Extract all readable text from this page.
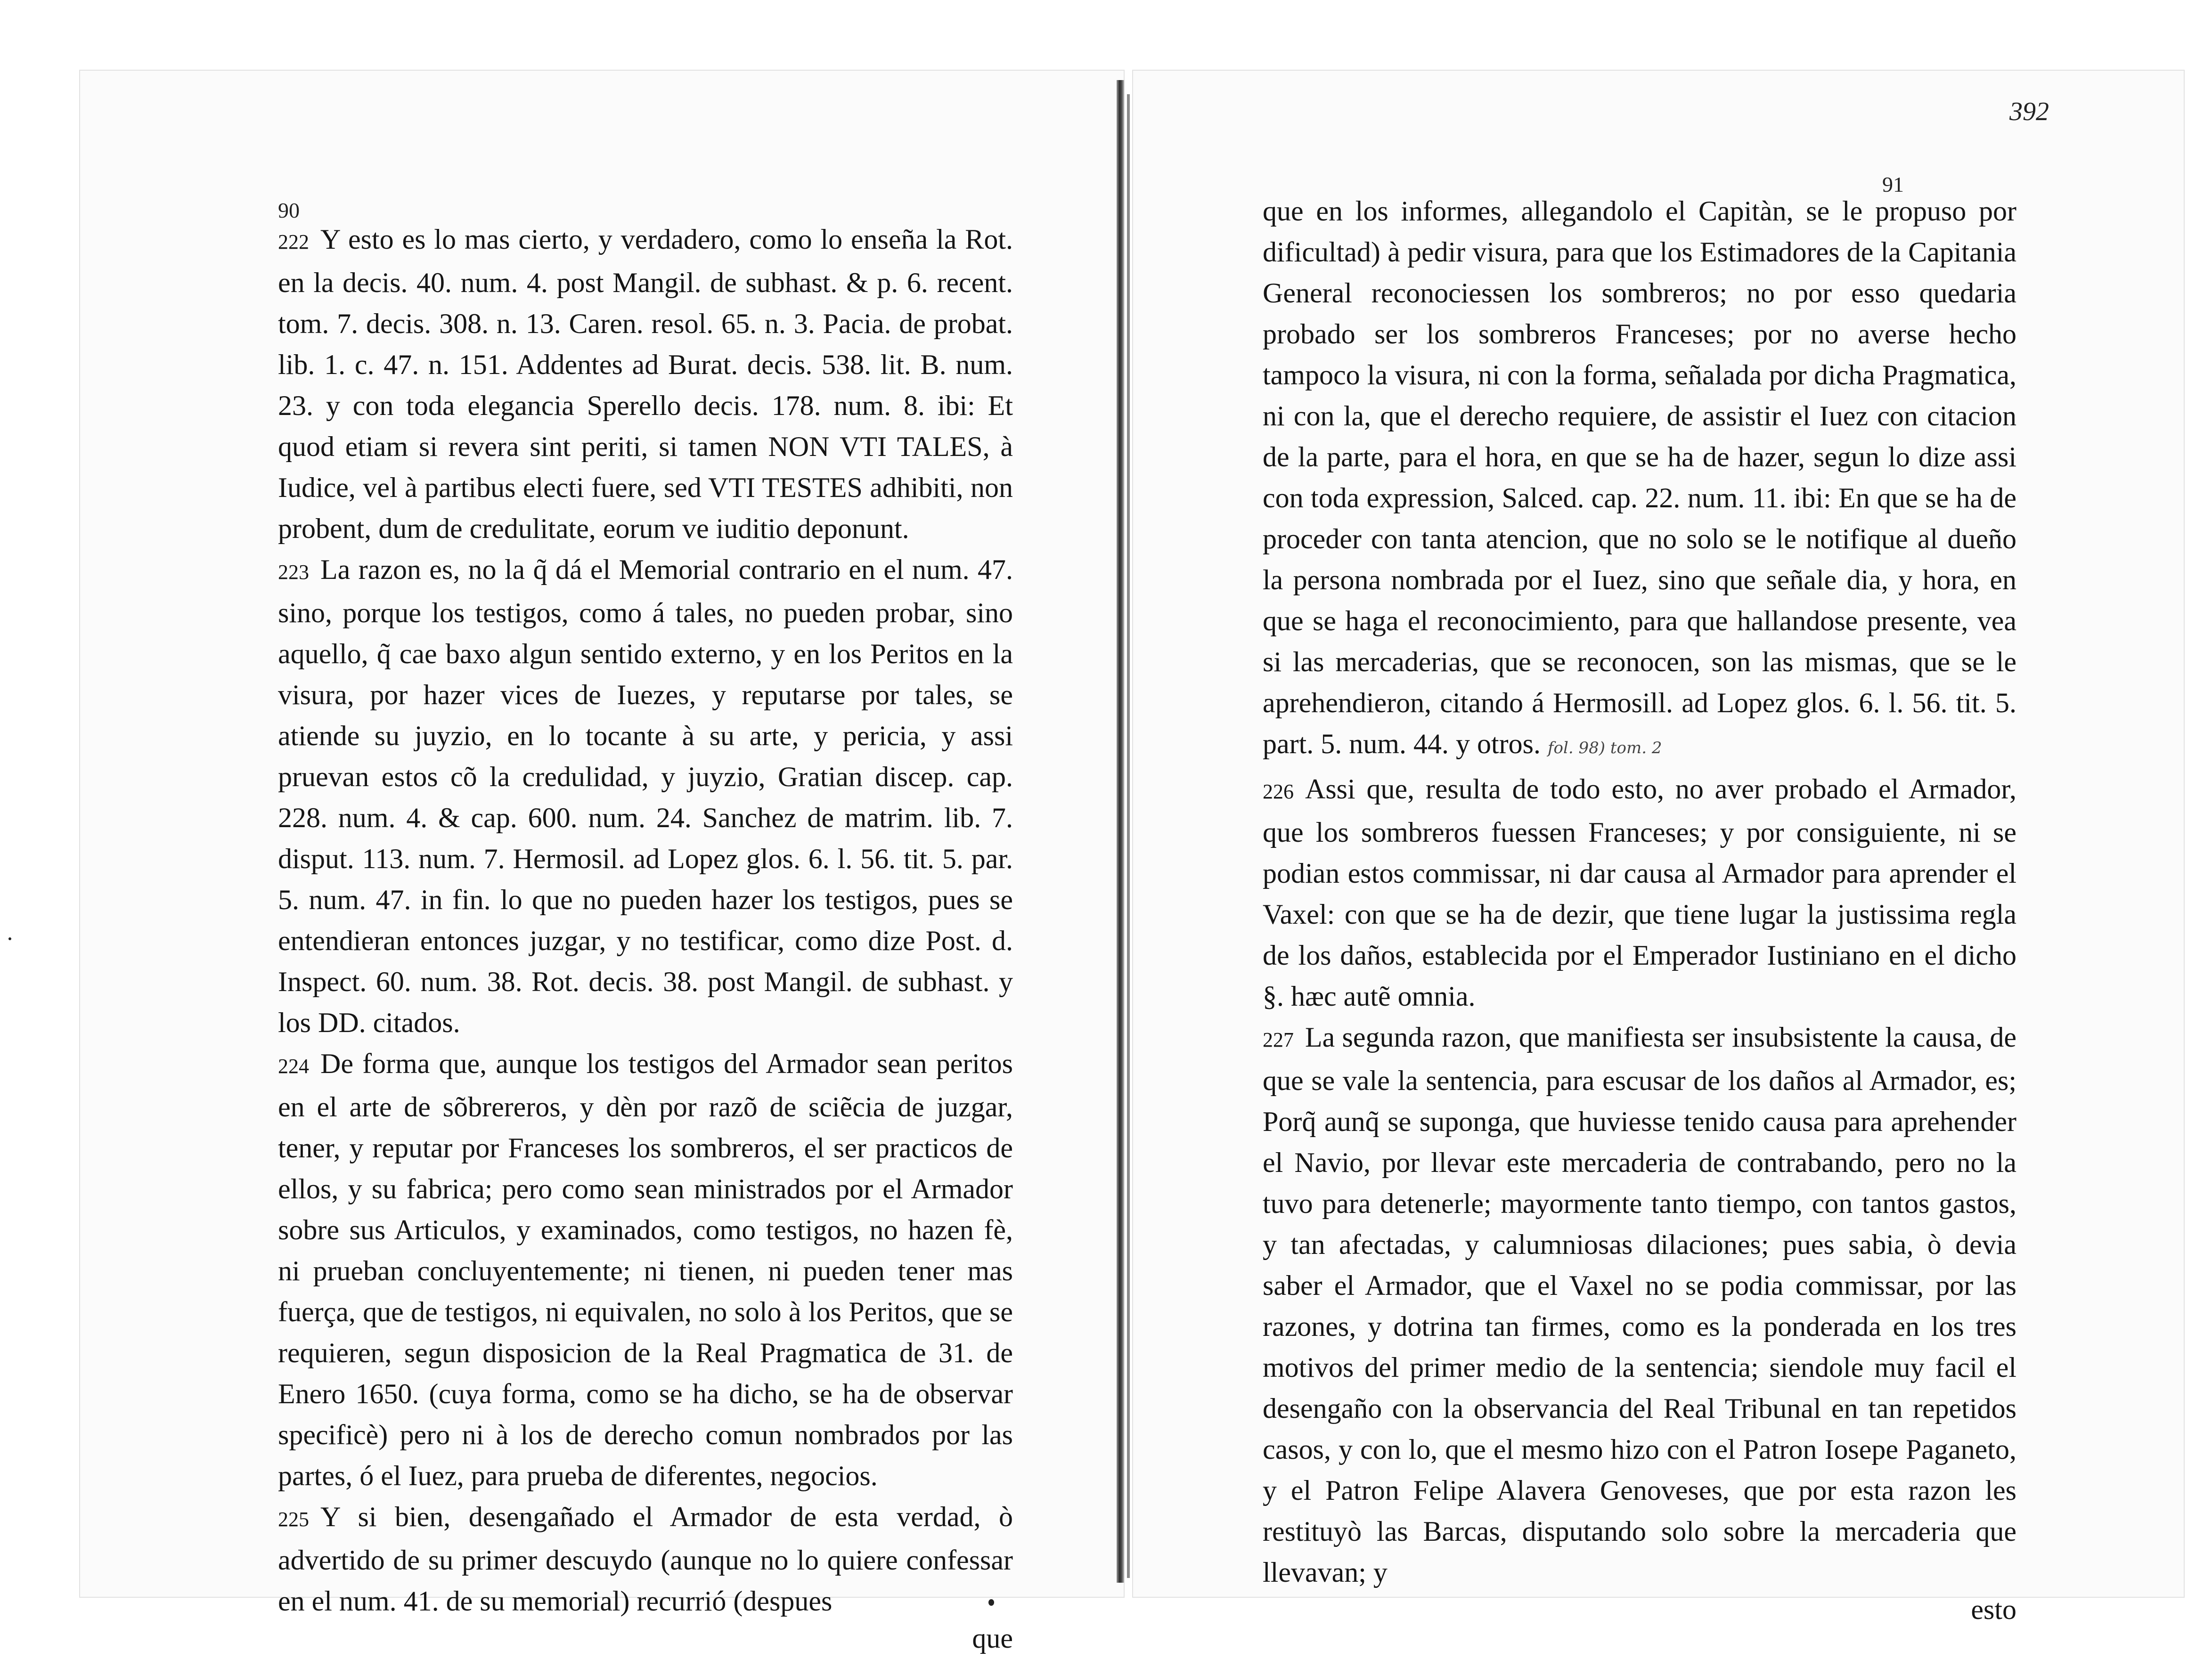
90

222 Y esto es lo mas cierto, y verdadero, como lo enseña la Rot. en la decis. 40. num. 4. post Mangil. de subhast. & p. 6. recent. tom. 7. decis. 308. n. 13. Caren. resol. 65. n. 3. Pacia. de probat. lib. 1. c. 47. n. 151. Addentes ad Burat. decis. 538. lit. B. num. 23. y con toda elegancia Sperello decis. 178. num. 8. ibi: Et quod etiam si revera sint periti, si tamen NON VTI TALES, à Iudice, vel à partibus electi fuere, sed VTI TESTES adhibiti, non probent, dum de credulitate, eorum ve iuditio deponunt.

223 La razon es, no la q̃ dá el Memorial contrario en el num. 47. sino, porque los testigos, como á tales, no pueden probar, sino aquello, q̃ cae baxo algun sentido externo, y en los Peritos en la visura, por hazer vices de Iuezes, y reputarse por tales, se atiende su juyzio, en lo tocante à su arte, y pericia, y assi pruevan estos cõ la credulidad, y juyzio, Gratian discep. cap. 228. num. 4. & cap. 600. num. 24. Sanchez de matrim. lib. 7. disput. 113. num. 7. Hermosil. ad Lopez glos. 6. l. 56. tit. 5. par. 5. num. 47. in fin. lo que no pueden hazer los testigos, pues se entendieran entonces juzgar, y no testificar, como dize Post. d. Inspect. 60. num. 38. Rot. decis. 38. post Mangil. de subhast. y los DD. citados.

224 De forma que, aunque los testigos del Armador sean peritos en el arte de sõbrereros, y dèn por razõ de sciẽcia de juzgar, tener, y reputar por Franceses los sombreros, el ser practicos de ellos, y su fabrica; pero como sean ministrados por el Armador sobre sus Articulos, y examinados, como testigos, no hazen fè, ni prueban concluyentemente; ni tienen, ni pueden tener mas fuerça, que de testigos, ni equivalen, no solo à los Peritos, que se requieren, segun disposicion de la Real Pragmatica de 31. de Enero 1650. (cuya forma, como se ha dicho, se ha de observar specificè) pero ni à los de derecho comun nombrados por las partes, ó el Iuez, para prueba de diferentes, negocios.

225 Y si bien, desengañado el Armador de esta verdad, ò advertido de su primer descuydo (aunque no lo quiere confessar en el num. 41. de su memorial) recurrió (despues

que

392
91

que en los informes, allegandolo el Capitàn, se le propuso por dificultad) à pedir visura, para que los Estimadores de la Capitania General reconociessen los sombreros; no por esso quedaria probado ser los sombreros Franceses; por no averse hecho tampoco la visura, ni con la forma, señalada por dicha Pragmatica, ni con la, que el derecho requiere, de assistir el Iuez con citacion de la parte, para el hora, en que se ha de hazer, segun lo dize assi con toda expression, Salced. cap. 22. num. 11. ibi: En que se ha de proceder con tanta atencion, que no solo se le notifique al dueño la persona nombrada por el Iuez, sino que señale dia, y hora, en que se haga el reconocimiento, para que hallandose presente, vea si las mercaderias, que se reconocen, son las mismas, que se le aprehendieron, citando á Hermosill. ad Lopez glos. 6. l. 56. tit. 5. part. 5. num. 44. y otros. fol. 98) tom. 2

226 Assi que, resulta de todo esto, no aver probado el Armador, que los sombreros fuessen Franceses; y por consiguiente, ni se podian estos commissar, ni dar causa al Armador para aprender el Vaxel: con que se ha de dezir, que tiene lugar la justissima regla de los daños, establecida por el Emperador Iustiniano en el dicho §. hæc autẽ omnia.

227 La segunda razon, que manifiesta ser insubsistente la causa, de que se vale la sentencia, para escusar de los daños al Armador, es; Porq̃ aunq̃ se suponga, que huviesse tenido causa para aprehender el Navio, por llevar este mercaderia de contrabando, pero no la tuvo para detenerle; mayormente tanto tiempo, con tantos gastos, y tan afectadas, y calumniosas dilaciones; pues sabia, ò devia saber el Armador, que el Vaxel no se podia commissar, por las razones, y dotrina tan firmes, como es la ponderada en los tres motivos del primer medio de la sentencia; siendole muy facil el desengaño con la observancia del Real Tribunal en tan repetidos casos, y con lo, que el mesmo hizo con el Patron Iosepe Paganeto, y el Patron Felipe Alavera Genoveses, que por esta razon les restituyò las Barcas, disputando solo sobre la mercaderia que llevavan; y

esto
